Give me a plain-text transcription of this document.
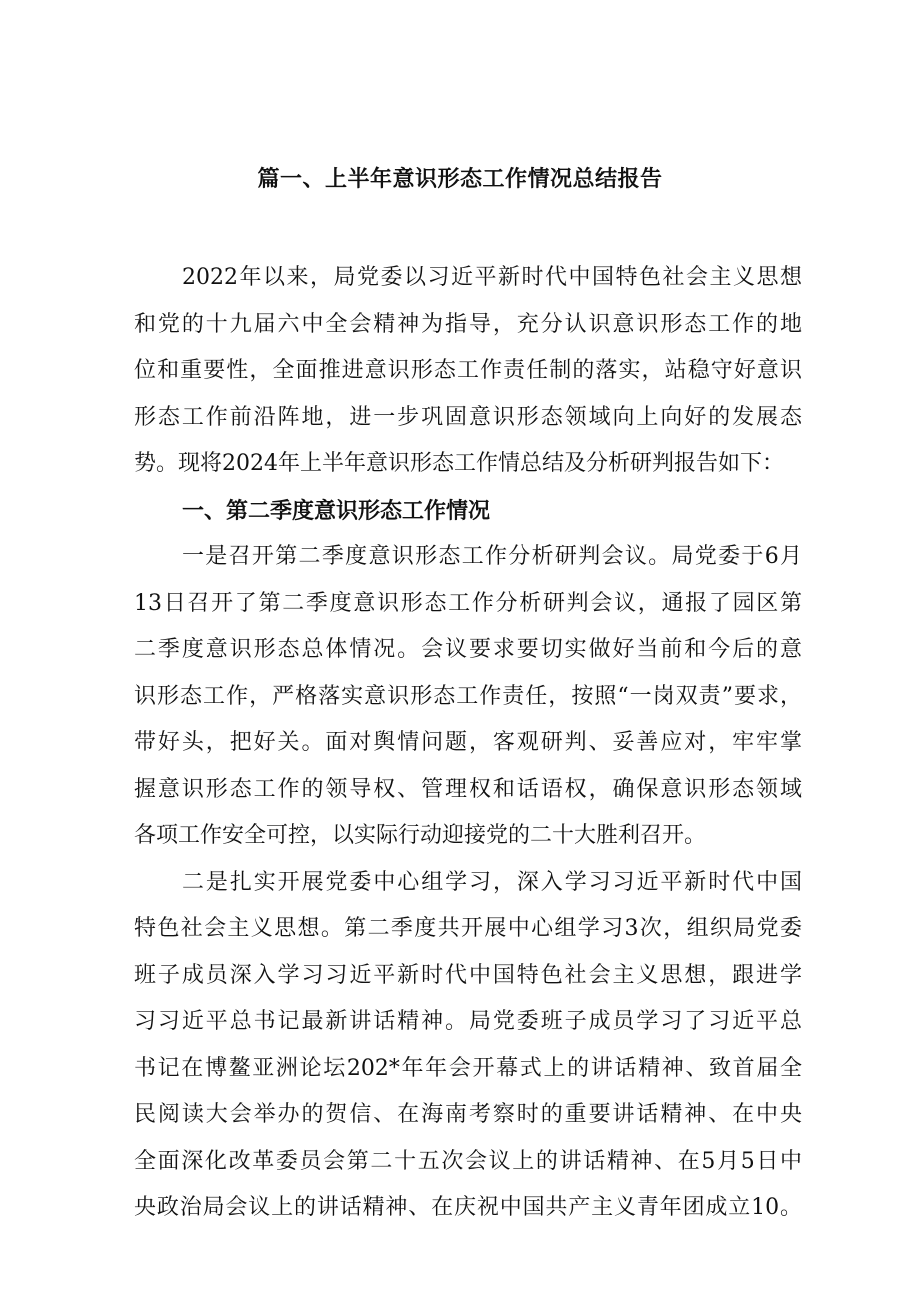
篇一、上半年意识形态工作情况总结报告
2022年以来，局党委以习近平新时代中国特色社会主义思想
和党的十九届六中全会精神为指导，充分认识意识形态工作的地
位和重要性，全面推进意识形态工作责任制的落实，站稳守好意识
形态工作前沿阵地，进一步巩固意识形态领域向上向好的发展态
势。现将2024年上半年意识形态工作情总结及分析研判报告如下：
一、第二季度意识形态工作情况
一是召开第二季度意识形态工作分析研判会议。局党委于6月
13日召开了第二季度意识形态工作分析研判会议，通报了园区第
二季度意识形态总体情况。会议要求要切实做好当前和今后的意
识形态工作，严格落实意识形态工作责任，按照“一岗双责”要求，
带好头，把好关。面对舆情问题，客观研判、妥善应对，牢牢掌
握意识形态工作的领导权、管理权和话语权，确保意识形态领域
各项工作安全可控，以实际行动迎接党的二十大胜利召开。
二是扎实开展党委中心组学习，深入学习习近平新时代中国
特色社会主义思想。第二季度共开展中心组学习3次，组织局党委
班子成员深入学习习近平新时代中国特色社会主义思想，跟进学
习习近平总书记最新讲话精神。局党委班子成员学习了习近平总
书记在博鳌亚洲论坛202*年年会开幕式上的讲话精神、致首届全
民阅读大会举办的贺信、在海南考察时的重要讲话精神、在中央
全面深化改革委员会第二十五次会议上的讲话精神、在5月5日中
央政治局会议上的讲话精神、在庆祝中国共产主义青年团成立10。
